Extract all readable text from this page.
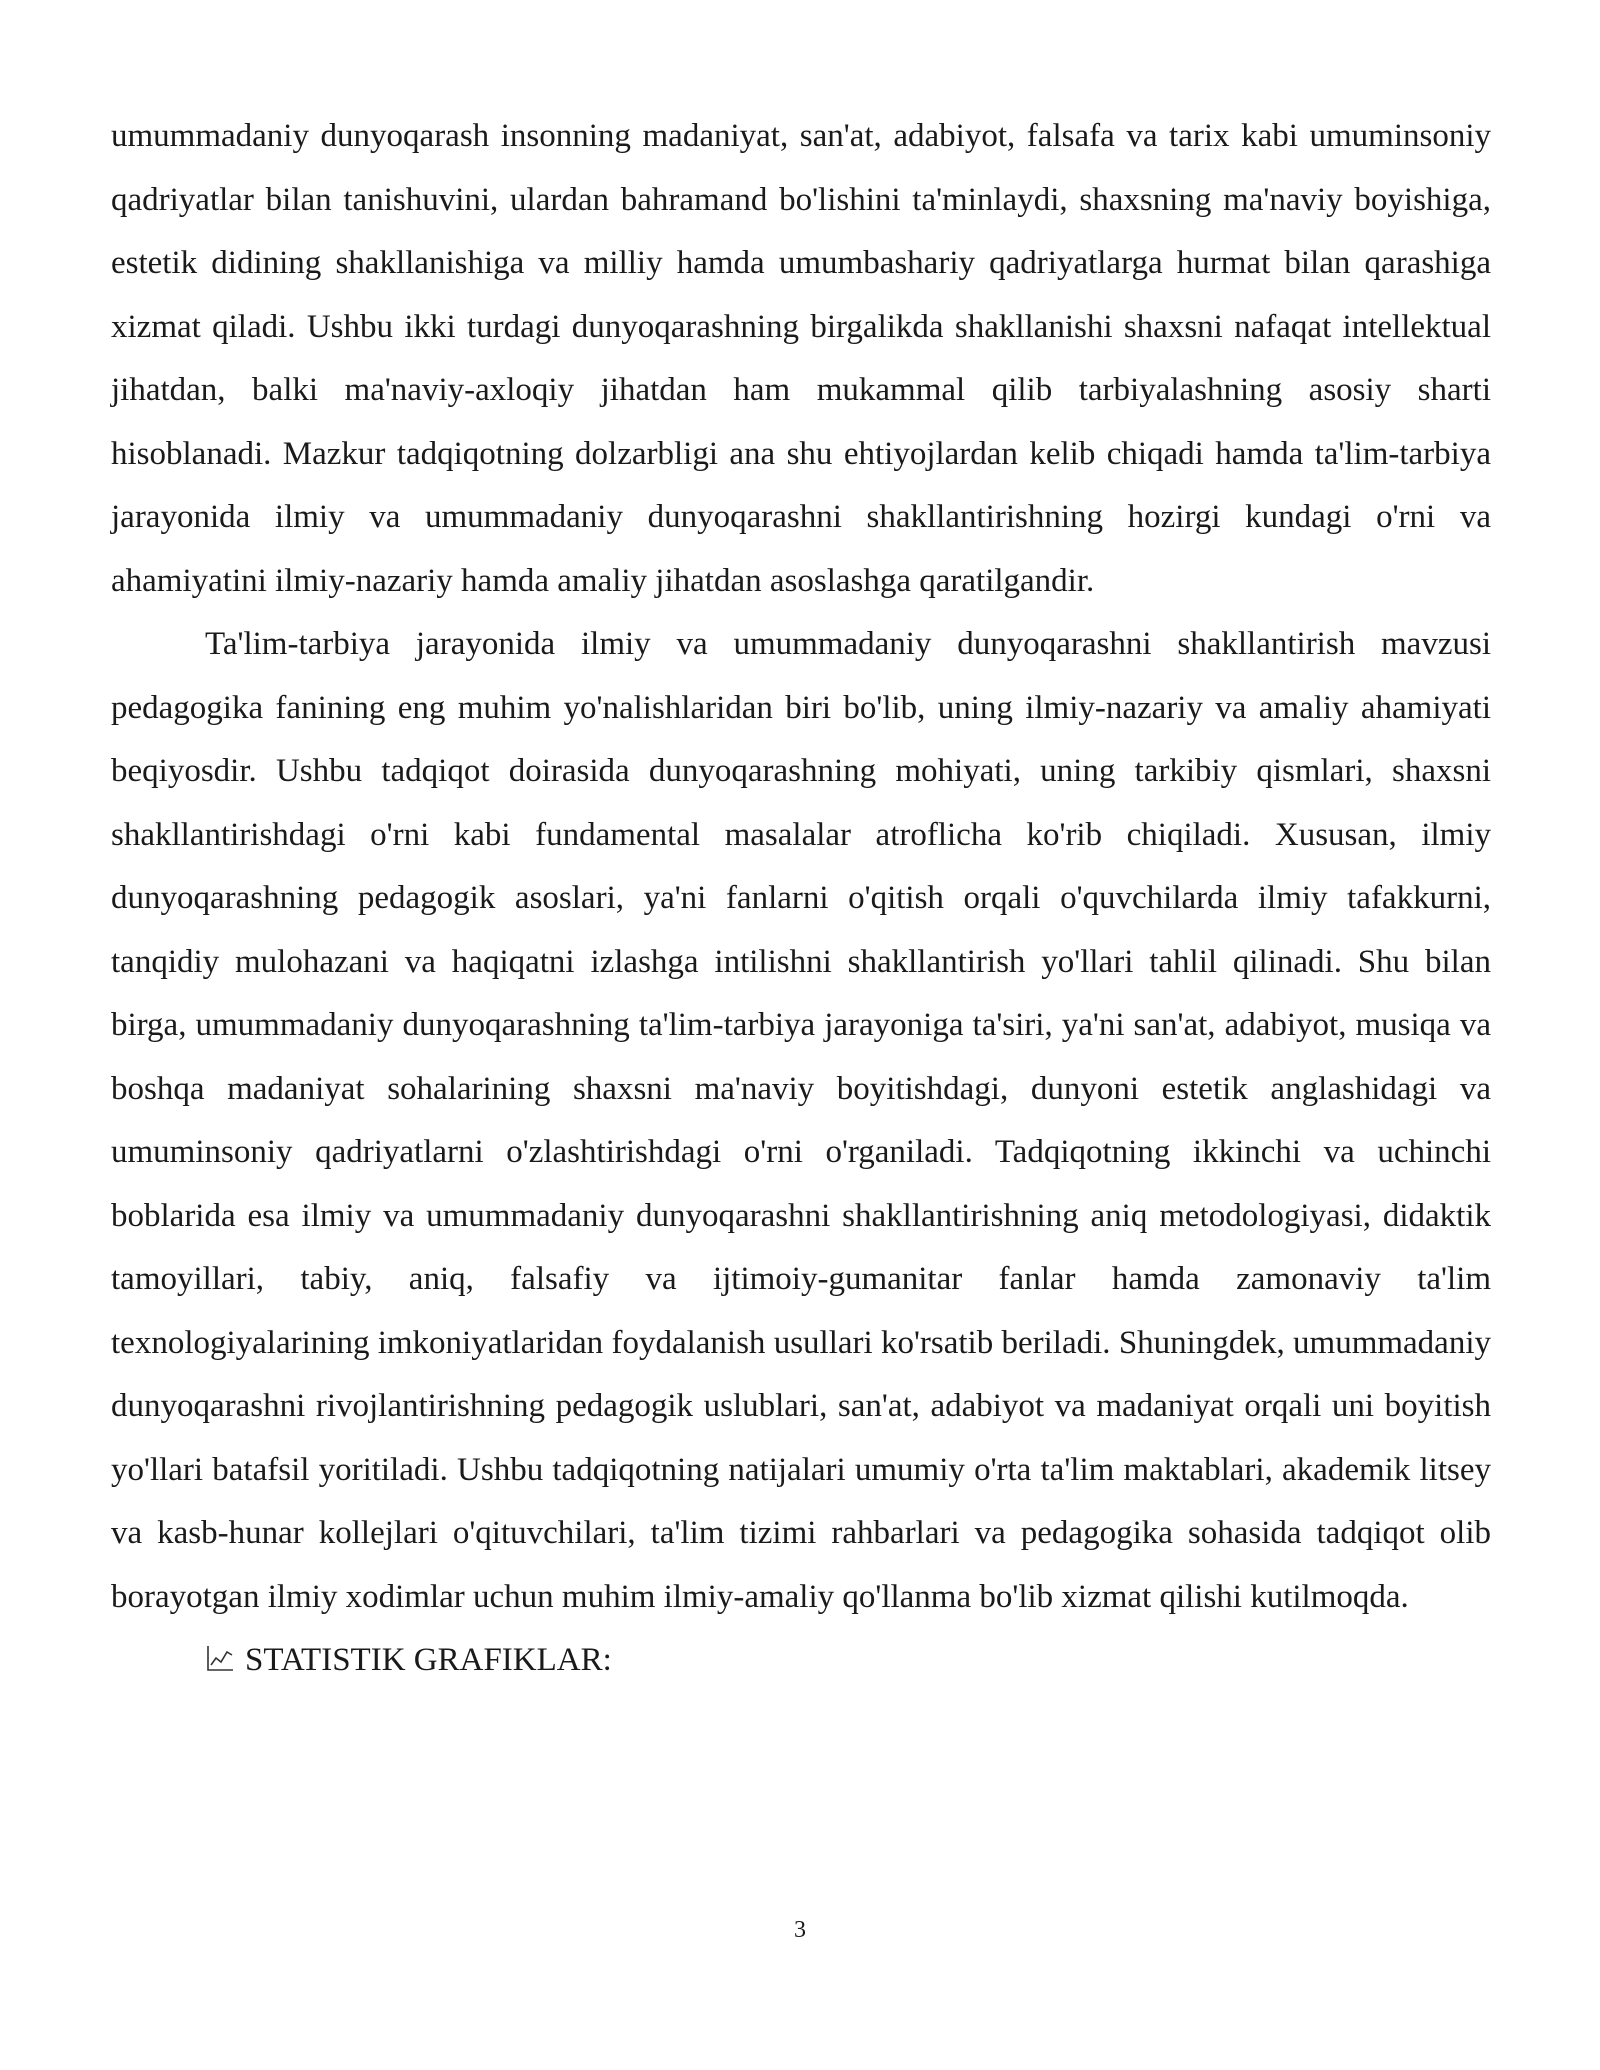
umummadaniy dunyoqarash insonning madaniyat, san'at, adabiyot, falsafa va tarix kabi umuminsoniy qadriyatlar bilan tanishuvini, ulardan bahramand bo'lishini ta'minlaydi, shaxsning ma'naviy boyishiga, estetik didining shakllanishiga va milliy hamda umumbashariy qadriyatlarga hurmat bilan qarashiga xizmat qiladi. Ushbu ikki turdagi dunyoqarashning birgalikda shakllanishi shaxsni nafaqat intellektual jihatdan, balki ma'naviy-axloqiy jihatdan ham mukammal qilib tarbiyalashning asosiy sharti hisoblanadi. Mazkur tadqiqotning dolzarbligi ana shu ehtiyojlardan kelib chiqadi hamda ta'lim-tarbiya jarayonida ilmiy va umummadaniy dunyoqarashni shakllantirishning hozirgi kundagi o'rni va ahamiyatini ilmiy-nazariy hamda amaliy jihatdan asoslashga qaratilgandir.

Ta'lim-tarbiya jarayonida ilmiy va umummadaniy dunyoqarashni shakllantirish mavzusi pedagogika fanining eng muhim yo'nalishlaridan biri bo'lib, uning ilmiy-nazariy va amaliy ahamiyati beqiyosdir. Ushbu tadqiqot doirasida dunyoqarashning mohiyati, uning tarkibiy qismlari, shaxsni shakllantirishdagi o'rni kabi fundamental masalalar atroflicha ko'rib chiqiladi. Xususan, ilmiy dunyoqarashning pedagogik asoslari, ya'ni fanlarni o'qitish orqali o'quvchilarda ilmiy tafakkurni, tanqidiy mulohazani va haqiqatni izlashga intilishni shakllantirish yo'llari tahlil qilinadi. Shu bilan birga, umummadaniy dunyoqarashning ta'lim-tarbiya jarayoniga ta'siri, ya'ni san'at, adabiyot, musiqa va boshqa madaniyat sohalarining shaxsni ma'naviy boyitishdagi, dunyoni estetik anglashidagi va umuminsoniy qadriyatlarni o'zlashtirishdagi o'rni o'rganiladi. Tadqiqotning ikkinchi va uchinchi boblarida esa ilmiy va umummadaniy dunyoqarashni shakllantirishning aniq metodologiyasi, didaktik tamoyillari, tabiy, aniq, falsafiy va ijtimoiy-gumanitar fanlar hamda zamonaviy ta'lim texnologiyalarining imkoniyatlaridan foydalanish usullari ko'rsatib beriladi. Shuningdek, umummadaniy dunyoqarashni rivojlantirishning pedagogik uslublari, san'at, adabiyot va madaniyat orqali uni boyitish yo'llari batafsil yoritiladi. Ushbu tadqiqotning natijalari umumiy o'rta ta'lim maktablari, akademik litsey va kasb-hunar kollejlari o'qituvchilari, ta'lim tizimi rahbarlari va pedagogika sohasida tadqiqot olib borayotgan ilmiy xodimlar uchun muhim ilmiy-amaliy qo'llanma bo'lib xizmat qilishi kutilmoqda.

STATISTIK GRAFIKLAR:

3
